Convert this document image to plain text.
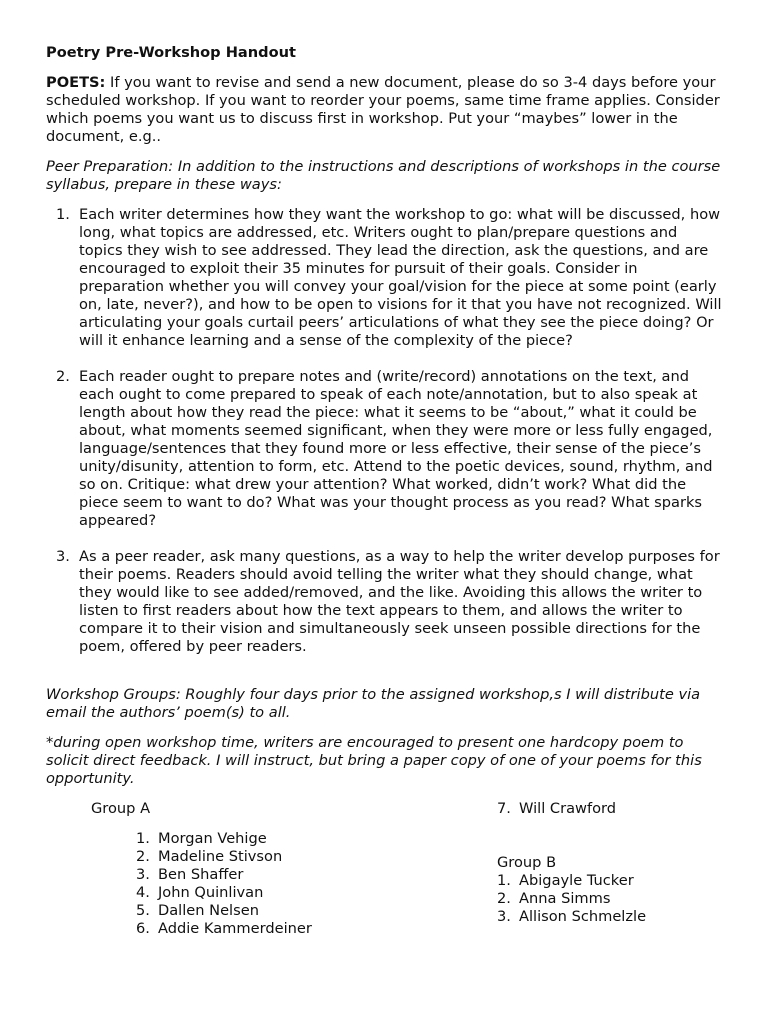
Poetry Pre-Workshop Handout

POETS: If you want to revise and send a new document, please do so 3-4 days before your scheduled workshop. If you want to reorder your poems, same time frame applies. Consider which poems you want us to discuss first in workshop. Put your “maybes” lower in the document, e.g..

Peer Preparation: In addition to the instructions and descriptions of workshops in the course syllabus, prepare in these ways:

1. Each writer determines how they want the workshop to go: what will be discussed, how long, what topics are addressed, etc. Writers ought to plan/prepare questions and topics they wish to see addressed. They lead the direction, ask the questions, and are encouraged to exploit their 35 minutes for pursuit of their goals. Consider in preparation whether you will convey your goal/vision for the piece at some point (early on, late, never?), and how to be open to visions for it that you have not recognized. Will articulating your goals curtail peers’ articulations of what they see the piece doing? Or will it enhance learning and a sense of the complexity of the piece?
2. Each reader ought to prepare notes and (write/record) annotations on the text, and each ought to come prepared to speak of each note/annotation, but to also speak at length about how they read the piece: what it seems to be “about,” what it could be about, what moments seemed significant, when they were more or less fully engaged, language/sentences that they found more or less effective, their sense of the piece’s unity/disunity, attention to form, etc. Attend to the poetic devices, sound, rhythm, and so on. Critique: what drew your attention? What worked, didn’t work? What did the piece seem to want to do? What was your thought process as you read? What sparks appeared?
3. As a peer reader, ask many questions, as a way to help the writer develop purposes for their poems. Readers should avoid telling the writer what they should change, what they would like to see added/removed, and the like. Avoiding this allows the writer to listen to first readers about how the text appears to them, and allows the writer to compare it to their vision and simultaneously seek unseen possible directions for the poem, offered by peer readers.

Workshop Groups: Roughly four days prior to the assigned workshop,s I will distribute via email the authors’ poem(s) to all.

*during open workshop time, writers are encouraged to present one hardcopy poem to solicit direct feedback. I will instruct, but bring a paper copy of one of your poems for this opportunity.

Group A
1. Morgan Vehige
2. Madeline Stivson
3. Ben Shaffer
4. John Quinlivan
5. Dallen Nelsen
6. Addie Kammerdeiner
7. Will Crawford
Group B
1. Abigayle Tucker
2. Anna Simms
3. Allison Schmelzle
